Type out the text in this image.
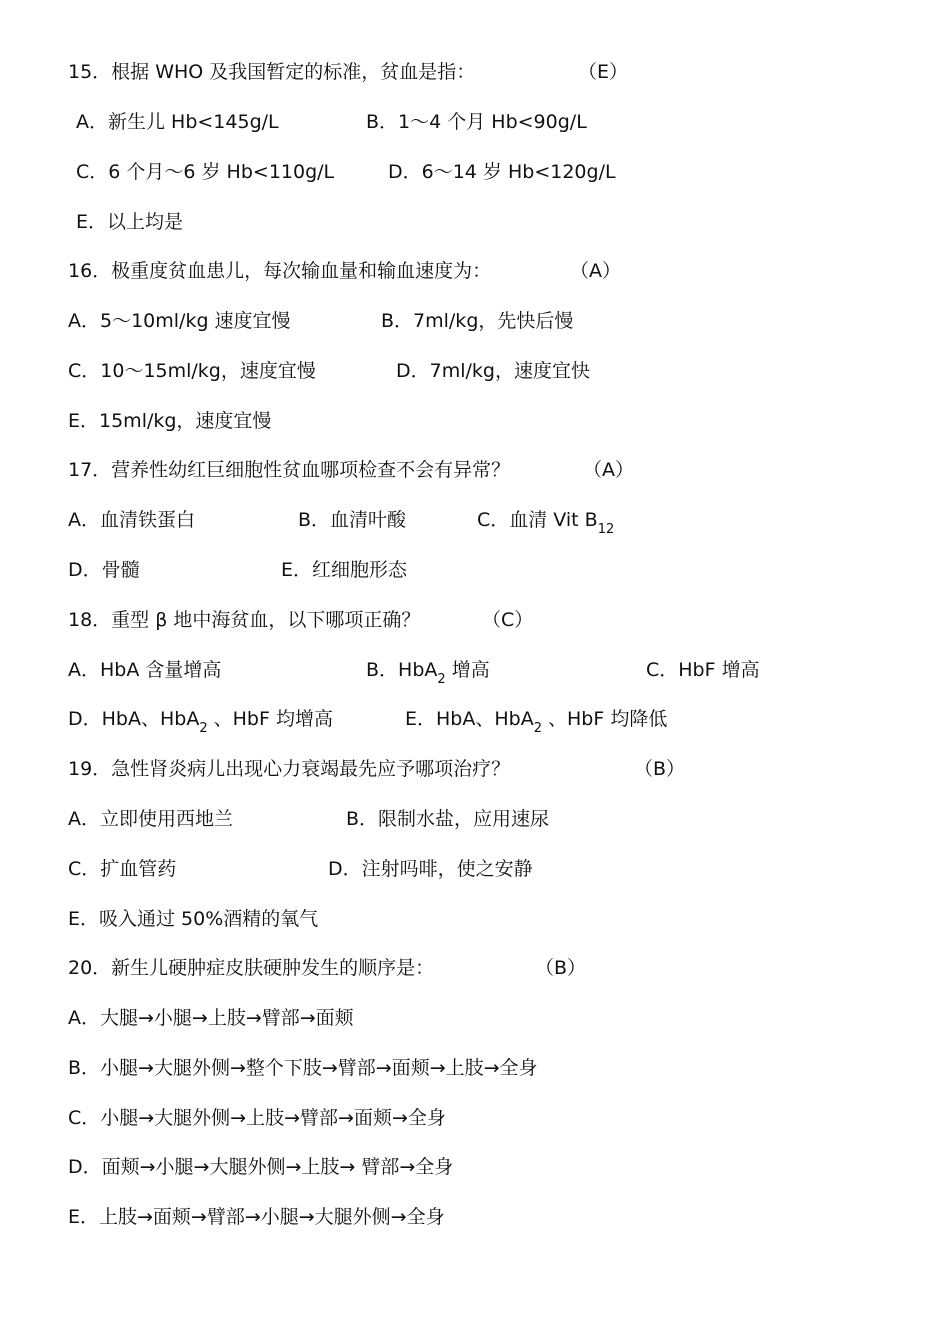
15．根据 WHO 及我国暂定的标准，贫血是指：	（E）
A．新生儿 Hb<145g/L	B．1～4 个月 Hb<90g/L
C．6 个月～6 岁 Hb<110g/L	D．6～14 岁 Hb<120g/L
E．以上均是
16．极重度贫血患儿，每次输血量和输血速度为：	（A）
A．5～10ml/kg 速度宜慢	B．7ml/kg，先快后慢
C．10～15ml/kg，速度宜慢	D．7ml/kg，速度宜快
E．15ml/kg，速度宜慢
17．营养性幼红巨细胞性贫血哪项检查不会有异常？	（A）
A．血清铁蛋白	B．血清叶酸	C．血清 Vit $B_{12}$
D．骨髓	E．红细胞形态
18．重型 β 地中海贫血，以下哪项正确？	（C）
A．HbA 含量增高	B．HbA$_2$ 增高	C．HbF 增高
D．HbA、HbA$_2$ 、HbF 均增高	E．HbA、HbA$_2$ 、HbF 均降低
19．急性肾炎病儿出现心力衰竭最先应予哪项治疗？	（B）
A．立即使用西地兰	B．限制水盐，应用速尿
C．扩血管药	D．注射吗啡，使之安静
E．吸入通过 50%酒精的氧气
20．新生儿硬肿症皮肤硬肿发生的顺序是：	（B）
A．大腿→小腿→上肢→臂部→面颊
B．小腿→大腿外侧→整个下肢→臂部→面颊→上肢→全身
C．小腿→大腿外侧→上肢→臂部→面颊→全身
D．面颊→小腿→大腿外侧→上肢→ 臂部→全身
E．上肢→面颊→臂部→小腿→大腿外侧→全身
